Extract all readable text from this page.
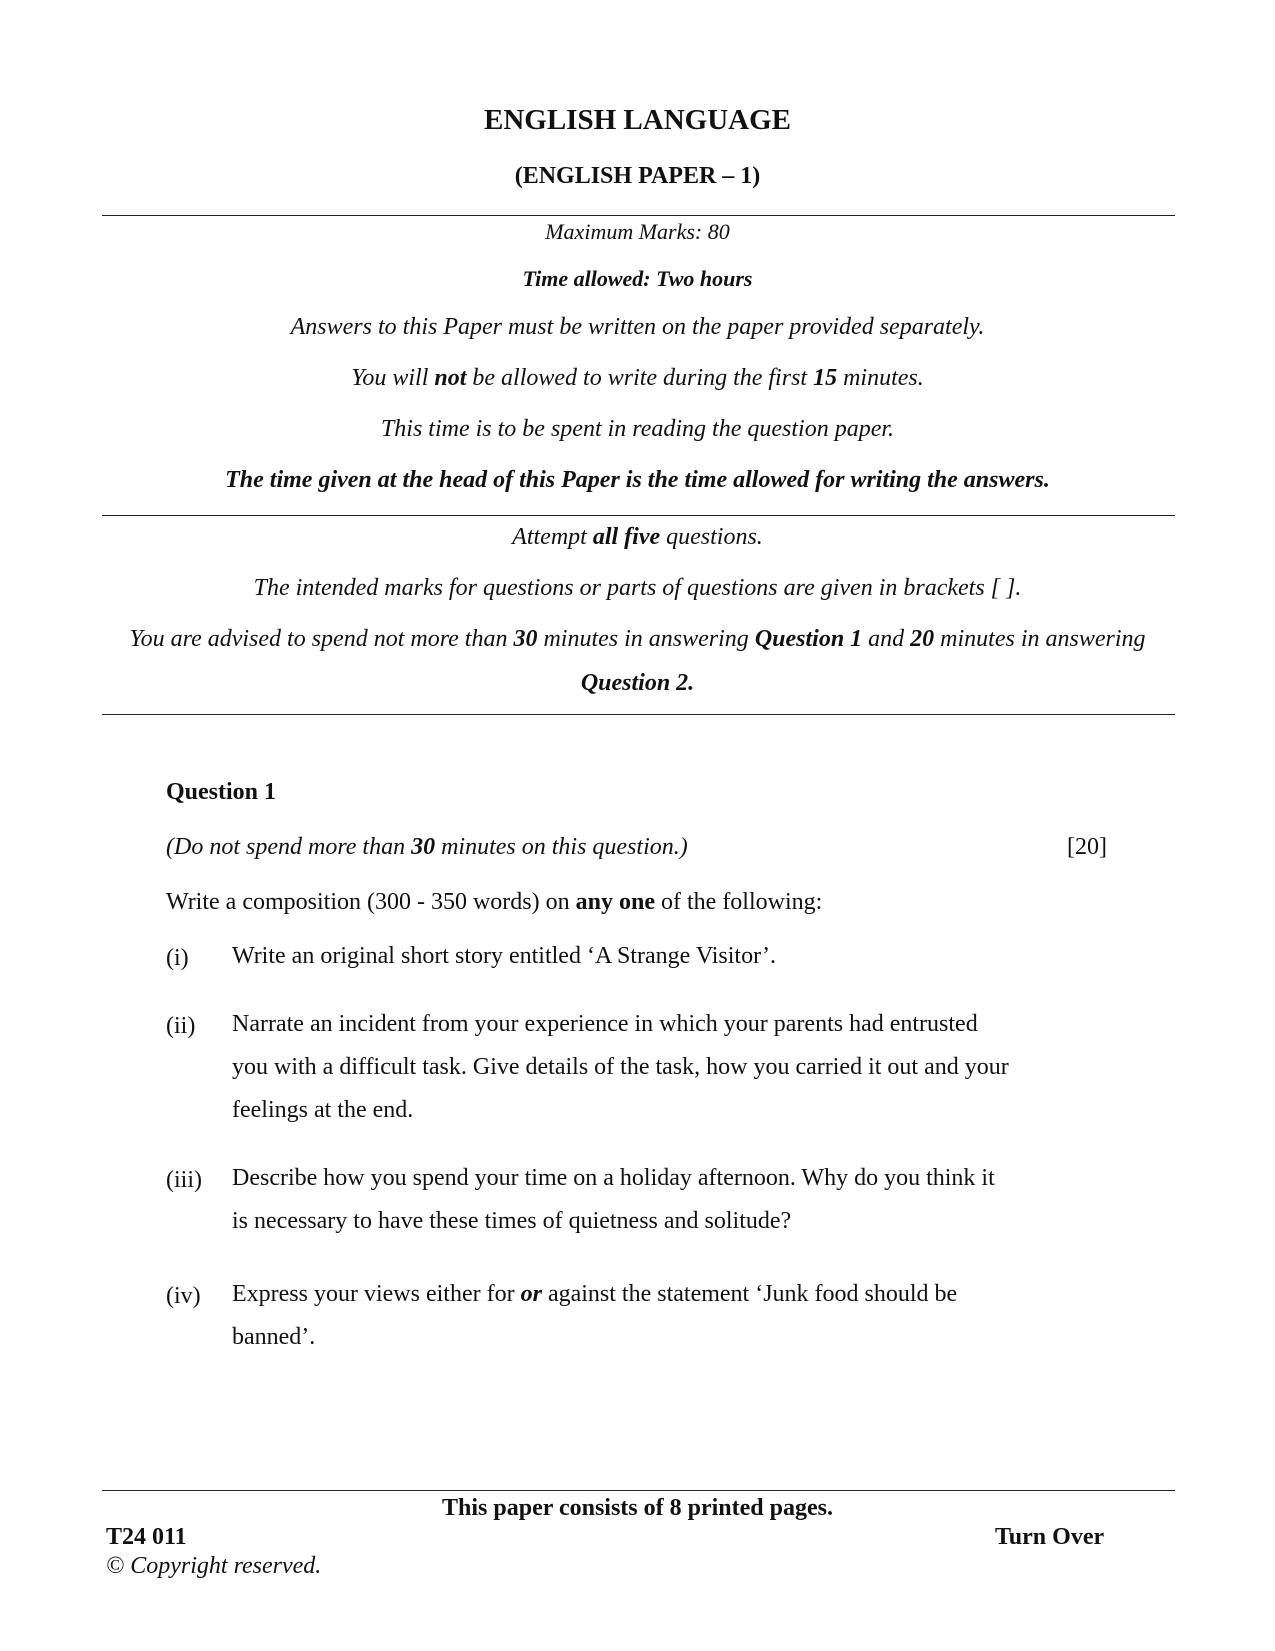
ENGLISH LANGUAGE
(ENGLISH PAPER – 1)
Maximum Marks: 80
Time allowed: Two hours
Answers to this Paper must be written on the paper provided separately.
You will not be allowed to write during the first 15 minutes.
This time is to be spent in reading the question paper.
The time given at the head of this Paper is the time allowed for writing the answers.
Attempt all five questions.
The intended marks for questions or parts of questions are given in brackets [ ].
You are advised to spend not more than 30 minutes in answering Question 1 and 20 minutes in answering
Question 2.
Question 1
(Do not spend more than 30 minutes on this question.)	[20]
Write a composition (300 - 350 words) on any one of the following:
(i) Write an original short story entitled ‘A Strange Visitor’.
(ii) Narrate an incident from your experience in which your parents had entrusted you with a difficult task. Give details of the task, how you carried it out and your feelings at the end.
(iii) Describe how you spend your time on a holiday afternoon. Why do you think it is necessary to have these times of quietness and solitude?
(iv) Express your views either for or against the statement ‘Junk food should be banned’.
This paper consists of 8 printed pages.
T24 011	Turn Over
© Copyright reserved.
